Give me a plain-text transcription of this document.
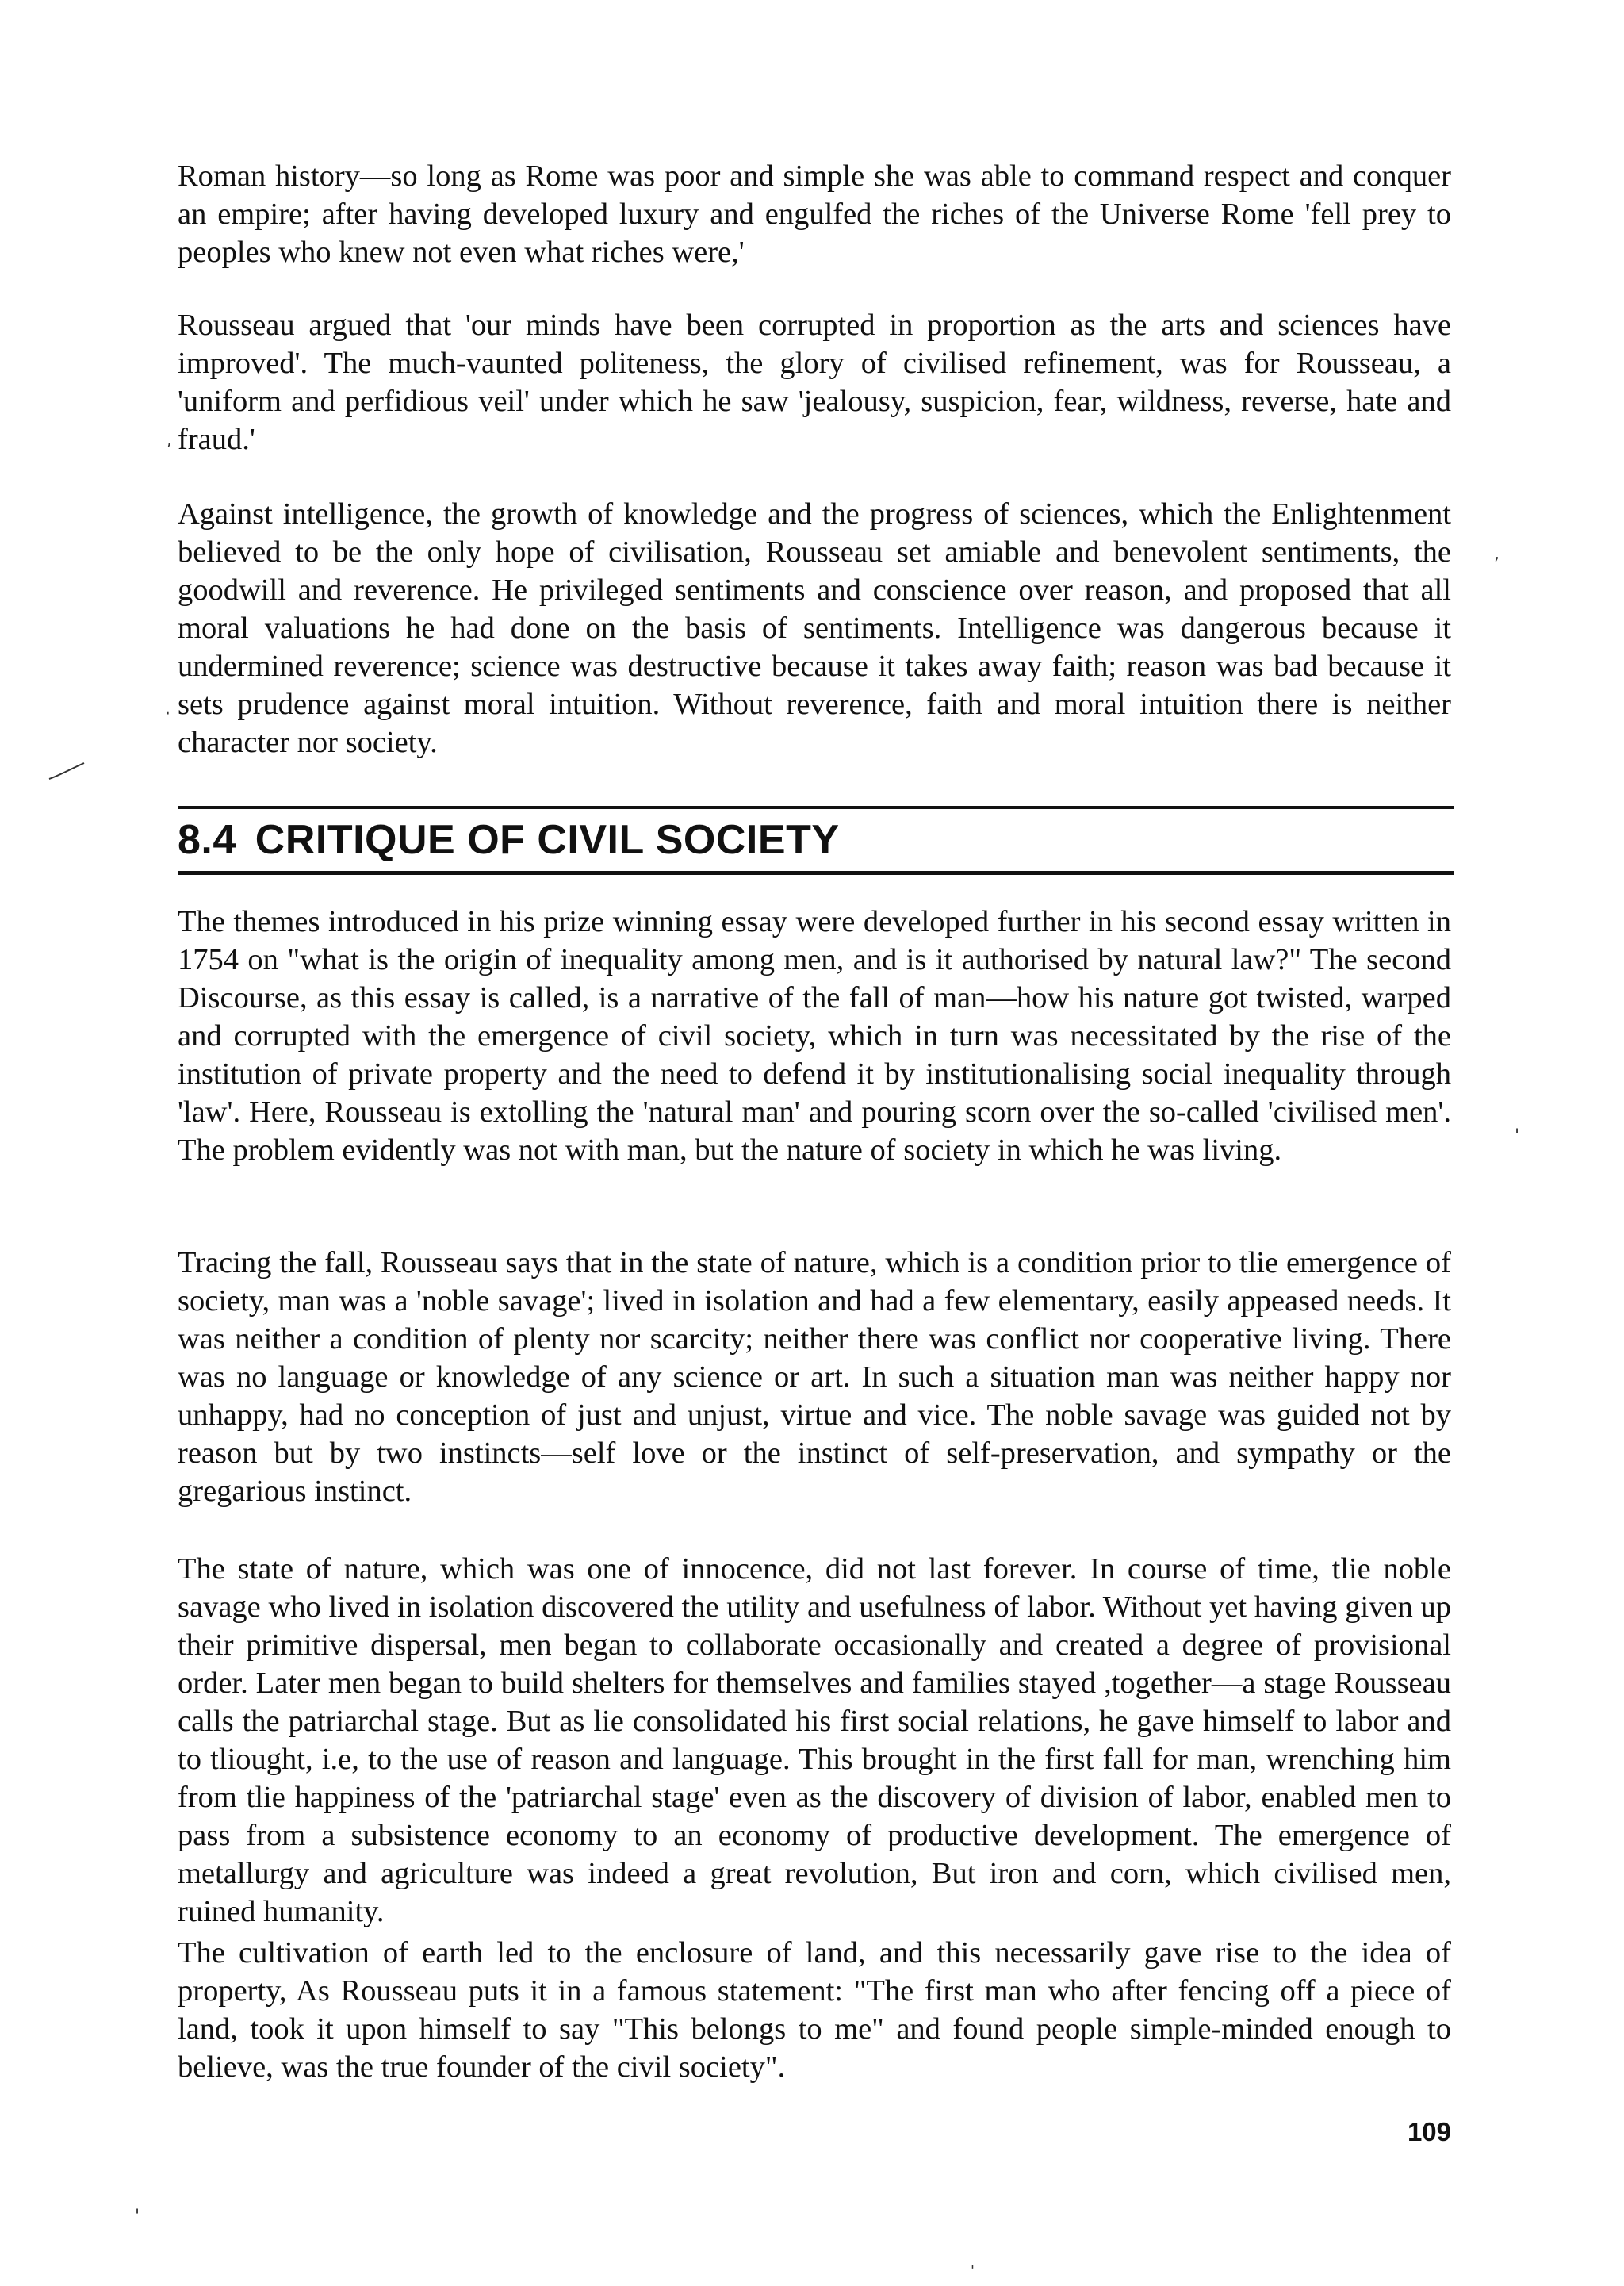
Roman history—so long as Rome was poor and simple she was able to command respect and conquer an empire; after having developed luxury and engulfed the riches of the Universe Rome 'fell prey to peoples who knew not even what riches were,'

Rousseau argued that 'our minds have been corrupted in proportion as the arts and sciences have improved'. The much-vaunted politeness, the glory of civilised refinement, was for Rousseau, a 'uniform and perfidious veil' under which he saw 'jealousy, suspicion, fear, wildness, reverse, hate and fraud.'

Against intelligence, the growth of knowledge and the progress of sciences, which the Enlightenment believed to be the only hope of civilisation, Rousseau set amiable and benevolent sentiments, the goodwill and reverence. He privileged sentiments and conscience over reason, and proposed that all moral valuations he had done on the basis of sentiments. Intelligence was dangerous because it undermined reverence; science was destructive because it takes away faith; reason was bad because it sets prudence against moral intuition. Without reverence, faith and moral intuition there is neither character nor society.

8.4 CRITIQUE OF CIVIL SOCIETY

The themes introduced in his prize winning essay were developed further in his second essay written in 1754 on "what is the origin of inequality among men, and is it authorised by natural law?" The second Discourse, as this essay is called, is a narrative of the fall of man—how his nature got twisted, warped and corrupted with the emergence of civil society, which in turn was necessitated by the rise of the institution of private property and the need to defend it by institutionalising social inequality through 'law'. Here, Rousseau is extolling the 'natural man' and pouring scorn over the so-called 'civilised men'. The problem evidently was not with man, but the nature of society in which he was living.

Tracing the fall, Rousseau says that in the state of nature, which is a condition prior to tlie emergence of society, man was a 'noble savage'; lived in isolation and had a few elementary, easily appeased needs. It was neither a condition of plenty nor scarcity; neither there was conflict nor cooperative living. There was no language or knowledge of any science or art. In such a situation man was neither happy nor unhappy, had no conception of just and unjust, virtue and vice. The noble savage was guided not by reason but by two instincts—self love or the instinct of self-preservation, and sympathy or the gregarious instinct.

The state of nature, which was one of innocence, did not last forever. In course of time, tlie noble savage who lived in isolation discovered the utility and usefulness of labor. Without yet having given up their primitive dispersal, men began to collaborate occasionally and created a degree of provisional order. Later men began to build shelters for themselves and families stayed ,together—a stage Rousseau calls the patriarchal stage. But as lie consolidated his first social relations, he gave himself to labor and to tliought, i.e, to the use of reason and language. This brought in the first fall for man, wrenching him from tlie happiness of the 'patriarchal stage' even as the discovery of division of labor, enabled men to pass from a subsistence economy to an economy of productive development. The emergence of metallurgy and agriculture was indeed a great revolution, But iron and corn, which civilised men, ruined humanity.

The cultivation of earth led to the enclosure of land, and this necessarily gave rise to the idea of property, As Rousseau puts it in a famous statement: "The first man who after fencing off a piece of land, took it upon himself to say "This belongs to me" and found people simple-minded enough to believe, was the true founder of the civil society".

109
,
,
·
'
'
'
